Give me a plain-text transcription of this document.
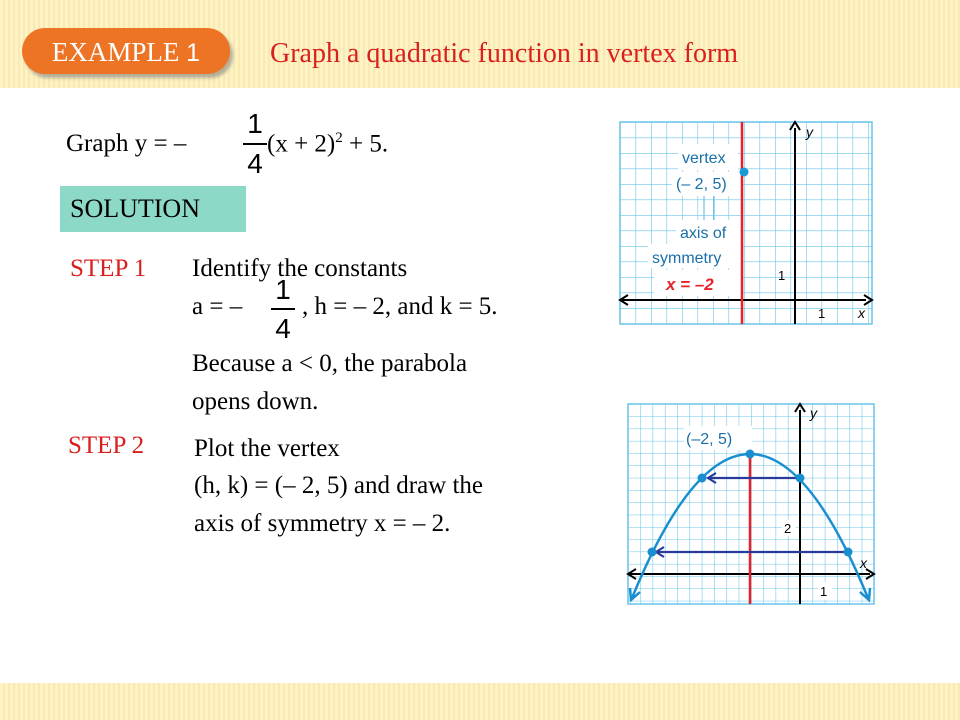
EXAMPLE 1	Graph a quadratic function in vertex form
Graph y = –
1
4
$(x + 2)^2 + 5$.
SOLUTION
STEP 1 Identify the constants
a = –
1
4
, h = – 2, and k = 5.
Because a < 0, the parabola
opens down.
STEP 2 Plot the vertex
(h, k) = (– 2, 5) and draw the
axis of symmetry x = – 2.
y
x
1
1
vertex
(– 2, 5)
axis of
symmetry
x = –2
y
x
2
1
(–2, 5)
